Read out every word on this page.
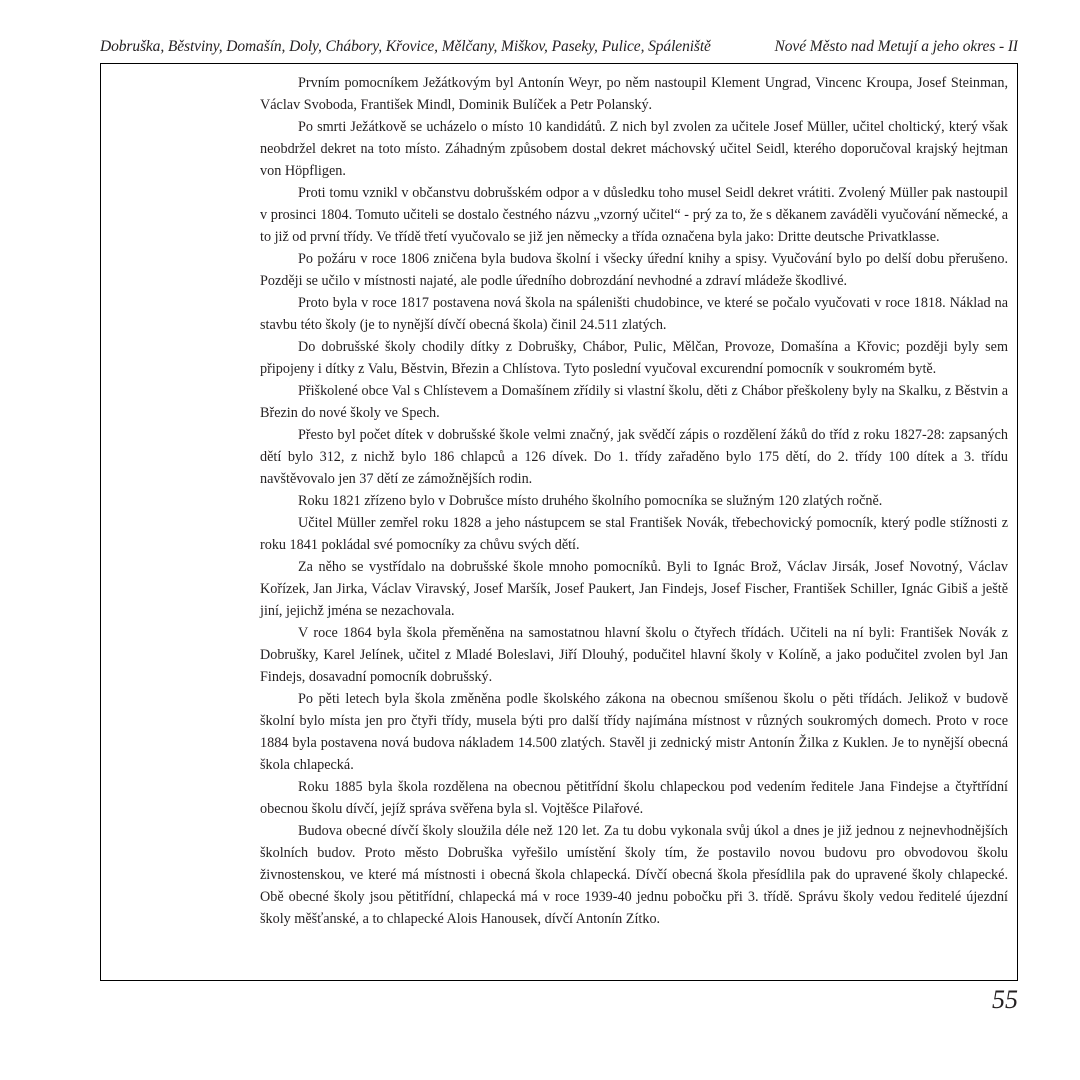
Dobruška, Běstviny, Domašín, Doly, Chábory, Křovice, Mělčany, Miškov, Paseky, Pulice, Spáleniště	Nové Město nad Metují a jeho okres - II

Prvním pomocníkem Ježátkovým byl Antonín Weyr, po něm nastoupil Klement Ungrad, Vincenc Kroupa, Josef Steinman, Václav Svoboda, František Mindl, Dominik Bulíček a Petr Polanský.

Po smrti Ježátkově se ucházelo o místo 10 kandidátů. Z nich byl zvolen za učitele Josef Müller, učitel choltický, který však neobdržel dekret na toto místo. Záhadným způsobem dostal dekret máchovský učitel Seidl, kterého doporučoval krajský hejtman von Höpfligen.

Proti tomu vznikl v občanstvu dobrušském odpor a v důsledku toho musel Seidl dekret vrátiti. Zvolený Müller pak nastoupil v prosinci 1804. Tomuto učiteli se dostalo čestného názvu „vzorný učitel“ - prý za to, že s děkanem zaváděli vyučování německé, a to již od první třídy. Ve třídě třetí vyučovalo se již jen německy a třída označena byla jako: Dritte deutsche Privatklasse.

Po požáru v roce 1806 zničena byla budova školní i všecky úřední knihy a spisy. Vyučování bylo po delší dobu přerušeno. Později se učilo v místnosti najaté, ale podle úředního dobrozdání nevhodné a zdraví mládeže škodlivé.

Proto byla v roce 1817 postavena nová škola na spáleništi chudobince, ve které se počalo vyučovati v roce 1818. Náklad na stavbu této školy (je to nynější dívčí obecná škola) činil 24.511 zlatých.

Do dobrušské školy chodily dítky z Dobrušky, Chábor, Pulic, Mělčan, Provoze, Domašína a Křovic; později byly sem připojeny i dítky z Valu, Běstvin, Březin a Chlístova. Tyto poslední vyučoval excurendní pomocník v soukromém bytě.

Přiškolené obce Val s Chlístevem a Domašínem zřídily si vlastní školu, děti z Chábor přeškoleny byly na Skalku, z Běstvin a Březin do nové školy ve Spech.

Přesto byl počet dítek v dobrušské škole velmi značný, jak svědčí zápis o rozdělení žáků do tříd z roku 1827-28: zapsaných dětí bylo 312, z nichž bylo 186 chlapců a 126 dívek. Do 1. třídy zařaděno bylo 175 dětí, do 2. třídy 100 dítek a 3. třídu navštěvovalo jen 37 dětí ze zámožnějších rodin.

Roku 1821 zřízeno bylo v Dobrušce místo druhého školního pomocníka se služným 120 zlatých ročně.

Učitel Müller zemřel roku 1828 a jeho nástupcem se stal František Novák, třebechovický pomocník, který podle stížnosti z roku 1841 pokládal své pomocníky za chůvu svých dětí.

Za něho se vystřídalo na dobrušské škole mnoho pomocníků. Byli to Ignác Brož, Václav Jirsák, Josef Novotný, Václav Kořízek, Jan Jirka, Václav Viravský, Josef Maršík, Josef Paukert, Jan Findejs, Josef Fischer, František Schiller, Ignác Gibiš a ještě jiní, jejichž jména se nezachovala.

V roce 1864 byla škola přeměněna na samostatnou hlavní školu o čtyřech třídách. Učiteli na ní byli: František Novák z Dobrušky, Karel Jelínek, učitel z Mladé Boleslavi, Jiří Dlouhý, podučitel hlavní školy v Kolíně, a jako podučitel zvolen byl Jan Findejs, dosavadní pomocník dobrušský.

Po pěti letech byla škola změněna podle školského zákona na obecnou smíšenou školu o pěti třídách. Jelikož v budově školní bylo místa jen pro čtyři třídy, musela býti pro další třídy najímána místnost v různých soukromých domech. Proto v roce 1884 byla postavena nová budova nákladem 14.500 zlatých. Stavěl ji zednický mistr Antonín Žilka z Kuklen. Je to nynější obecná škola chlapecká.

Roku 1885 byla škola rozdělena na obecnou pětitřídní školu chlapeckou pod vedením ředitele Jana Findejse a čtyřtřídní obecnou školu dívčí, jejíž správa svěřena byla sl. Vojtěšce Pilařové.

Budova obecné dívčí školy sloužila déle než 120 let. Za tu dobu vykonala svůj úkol a dnes je již jednou z nejnevhodnějších školních budov. Proto město Dobruška vyřešilo umístění školy tím, že postavilo novou budovu pro obvodovou školu živnostenskou, ve které má místnosti i obecná škola chlapecká. Dívčí obecná škola přesídlila pak do upravené školy chlapecké. Obě obecné školy jsou pětitřídní, chlapecká má v roce 1939-40 jednu pobočku při 3. třídě. Správu školy vedou ředitelé újezdní školy měšťanské, a to chlapecké Alois Hanousek, dívčí Antonín Zítko.

55
